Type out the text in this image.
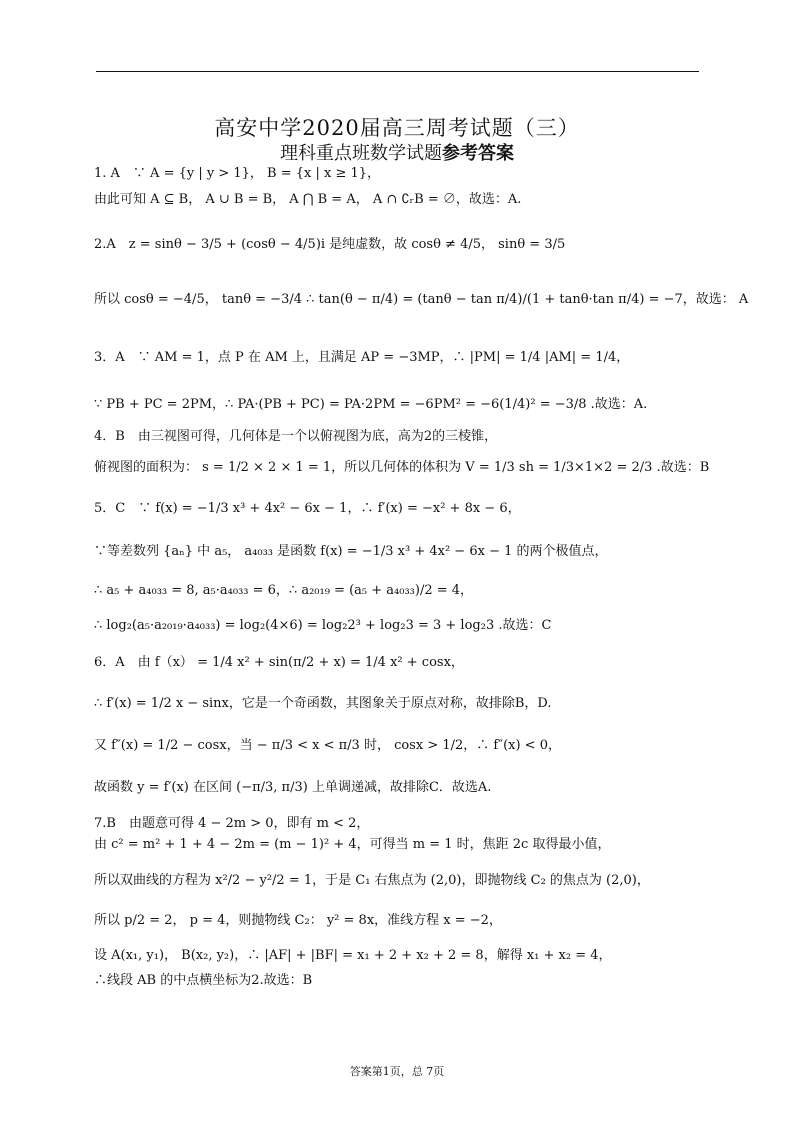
高安中学2020届高三周考试题（三）
理科重点班数学试题参考答案
1. A　∵ A = {y | y > 1}， B = {x | x ≥ 1}，
由此可知 A ⊆ B， A ∪ B = B， A ⋂ B = A， A ∩ ∁ᵣB = ∅，故选：A.
2.A　z = sinθ − 3/5 + (cosθ − 4/5)i 是纯虚数，故 cosθ ≠ 4/5， sinθ = 3/5
所以 cosθ = −4/5， tanθ = −3/4 ∴ tan(θ − π/4) = (tanθ − tan π/4)/(1 + tanθ·tan π/4) = −7，故选： A
3．A　∵ AM = 1，点 P 在 AM 上，且满足 AP = −3MP，∴ |PM| = 1/4 |AM| = 1/4，
∵ PB + PC = 2PM，∴ PA·(PB + PC) = PA·2PM = −6PM² = −6(1/4)² = −3/8 .故选：A.
4．B　由三视图可得，几何体是一个以俯视图为底，高为2的三棱锥，
俯视图的面积为： s = 1/2 × 2 × 1 = 1，所以几何体的体积为 V = 1/3 sh = 1/3×1×2 = 2/3 .故选：B
5．C　∵ f(x) = −1/3 x³ + 4x² − 6x − 1，∴ f′(x) = −x² + 8x − 6，
∵等差数列 {aₙ} 中 a₅， a₄₀₃₃ 是函数 f(x) = −1/3 x³ + 4x² − 6x − 1 的两个极值点，
∴ a₅ + a₄₀₃₃ = 8, a₅·a₄₀₃₃ = 6，∴ a₂₀₁₉ = (a₅ + a₄₀₃₃)/2 = 4，
∴ log₂(a₅·a₂₀₁₉·a₄₀₃₃) = log₂(4×6) = log₂2³ + log₂3 = 3 + log₂3 .故选：C
6．A　由 f（x） = 1/4 x² + sin(π/2 + x) = 1/4 x² + cosx，
∴ f′(x) = 1/2 x − sinx，它是一个奇函数，其图象关于原点对称，故排除B，D.
又 f″(x) = 1/2 − cosx，当 − π/3 < x < π/3 时， cosx > 1/2，∴ f″(x) < 0，
故函数 y = f′(x) 在区间 (−π/3, π/3) 上单调递减，故排除C．故选A.
7.B　由题意可得 4 − 2m > 0，即有 m < 2，
由 c² = m² + 1 + 4 − 2m = (m − 1)² + 4，可得当 m = 1 时，焦距 2c 取得最小值，
所以双曲线的方程为 x²/2 − y²/2 = 1，于是 C₁ 右焦点为 (2,0)，即抛物线 C₂ 的焦点为 (2,0)，
所以 p/2 = 2， p = 4，则抛物线 C₂： y² = 8x，准线方程 x = −2，
设 A(x₁, y₁)， B(x₂, y₂)，∴ |AF| + |BF| = x₁ + 2 + x₂ + 2 = 8，解得 x₁ + x₂ = 4，
∴线段 AB 的中点横坐标为2.故选：B
答案第1页，总 7页
